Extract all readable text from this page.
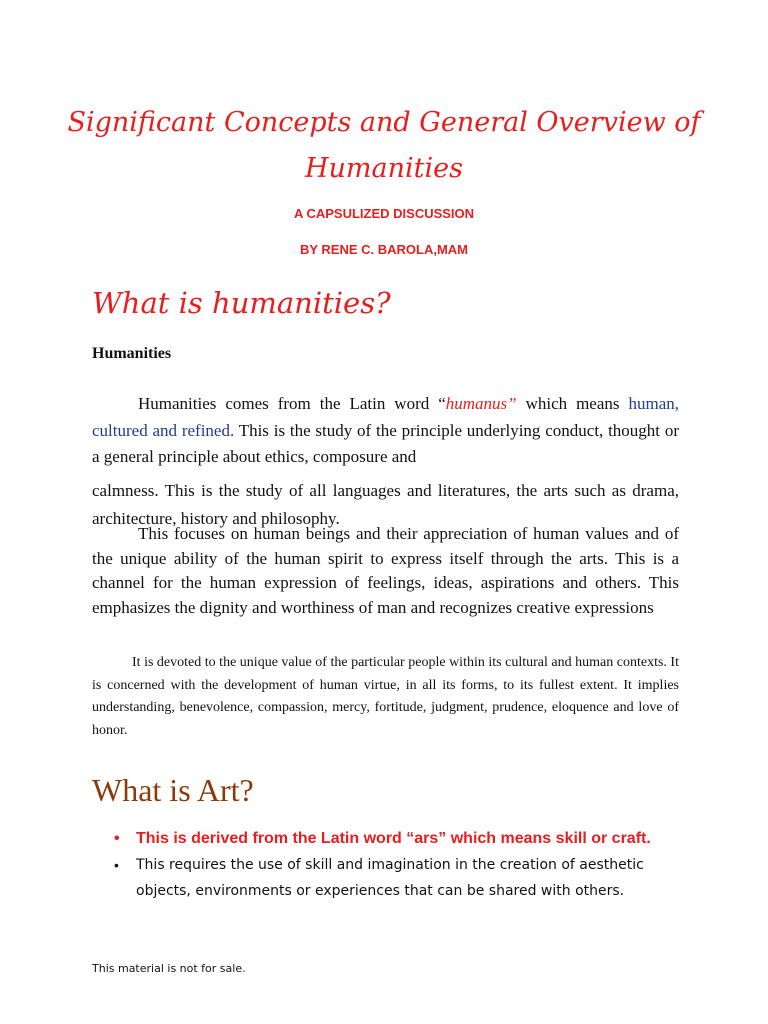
Significant Concepts and General Overview of Humanities
A CAPSULIZED DISCUSSION
BY RENE C. BAROLA,MAM
What is humanities?
Humanities
Humanities comes from the Latin word “humanus” which means human, cultured and refined. This is the study of the principle underlying conduct, thought or a general principle about ethics, composure and
calmness. This is the study of all languages and literatures, the arts such as drama, architecture, history and philosophy.
This focuses on human beings and their appreciation of human values and of the unique ability of the human spirit to express itself through the arts. This is a channel for the human expression of feelings, ideas, aspirations and others. This emphasizes the dignity and worthiness of man and recognizes creative expressions
It is devoted to the unique value of the particular people within its cultural and human contexts. It is concerned with the development of human virtue, in all its forms, to its fullest extent. It implies understanding, benevolence, compassion, mercy, fortitude, judgment, prudence, eloquence and love of honor.
What is Art?
• This is derived from the Latin word “ars” which means skill or craft.
• This requires the use of skill and imagination in the creation of aesthetic objects, environments or experiences that can be shared with others.
This material is not for sale.
